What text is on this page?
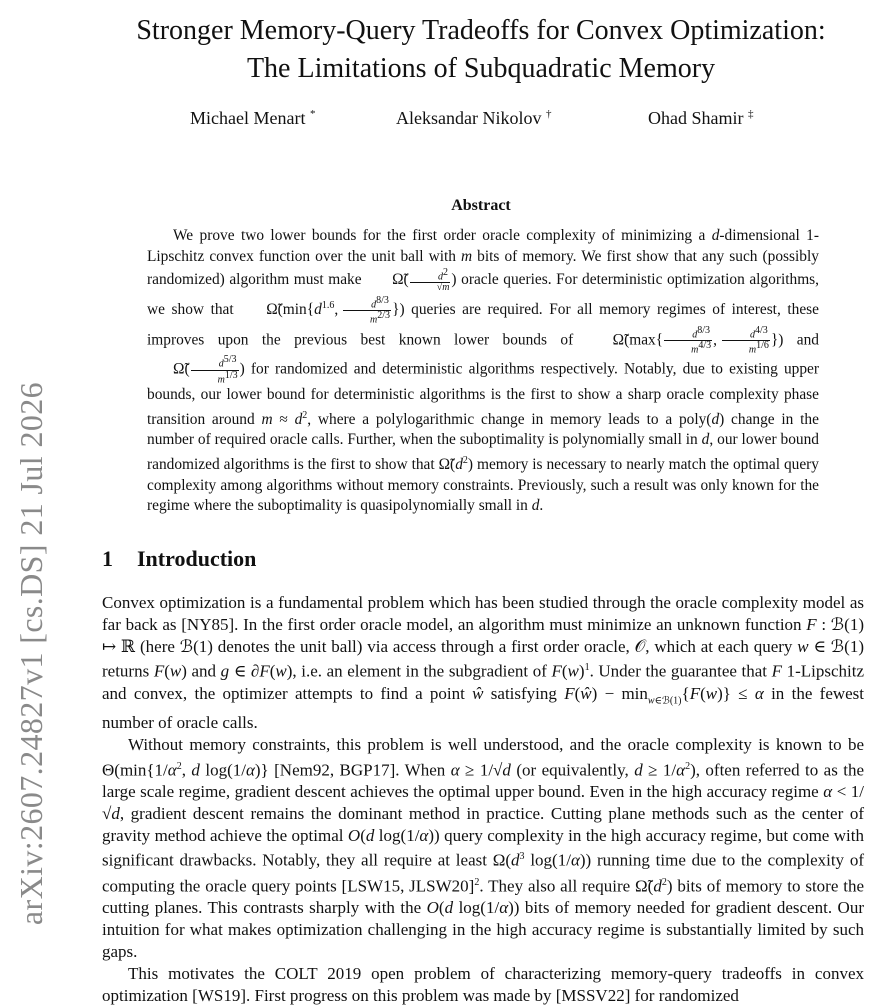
arXiv:2607.24827v1 [cs.DS] 21 Jul 2026
Stronger Memory-Query Tradeoffs for Convex Optimization:
The Limitations of Subquadratic Memory
Michael Menart *	Aleksandar Nikolov †	Ohad Shamir ‡
Abstract

We prove two lower bounds for the first order oracle complexity of minimizing a d-dimensional 1-Lipschitz convex function over the unit ball with m bits of memory. We first show that any such (possibly randomized) algorithm must make Ω̃( $\frac{d^2}{√m}$ ) oracle queries. For deterministic optimization algorithms, we show that $\Omegã(\min\{d^{1.6}$, $\frac{d^{8/3}}{m^{2/3}}$ }) queries are required. For all memory regimes of interest, these improves upon the previous best known lower bounds of Ω̃(max{ $\frac{d^{8/3}}{m^{4/3}}$ , $\frac{d^{4/3}}{m^{1/6}}$ }) and Ω̃( $\frac{d^{5/3}}{m^{1/3}}$ ) for randomized and deterministic algorithms respectively. Notably, due to existing upper bounds, our lower bound for deterministic algorithms is the first to show a sharp oracle complexity phase transition around $m \approx d^2$, where a polylogarithmic change in memory leads to a poly(d) change in the number of required oracle calls. Further, when the suboptimality is polynomially small in d, our lower bound randomized algorithms is the first to show that $\Omegã(d^2)$ memory is necessary to nearly match the optimal query complexity among algorithms without memory constraints. Previously, such a result was only known for the regime where the suboptimality is quasipolynomially small in d.

1 Introduction

Convex optimization is a fundamental problem which has been studied through the oracle complexity model as far back as [NY85]. In the first order oracle model, an algorithm must minimize an unknown function F : ℬ(1) ↦ ℝ (here ℬ(1) denotes the unit ball) via access through a first order oracle, 𝒪, which at each query w ∈ ℬ(1) returns F(w) and g ∈ ∂F(w), i.e. an element in the subgradient of $F(w)^1$. Under the guarantee that F 1-Lipschitz and convex, the optimizer attempts to find a point ŵ satisfying F(ŵ) − $\min_{w\in ℬ(1)}\{F(w)\} \le \alpha$ in the fewest number of oracle calls.

Without memory constraints, this problem is well understood, and the oracle complexity is known to be $\Theta(\min\{1/\alpha^2$, d log(1/α)} [Nem92, BGP17]. When α ≥ 1/√d (or equivalently, $d \ge 1/\alpha^2$), often referred to as the large scale regime, gradient descent achieves the optimal upper bound. Even in the high accuracy regime α < 1/√d, gradient descent remains the dominant method in practice. Cutting plane methods such as the center of gravity method achieve the optimal O(d log(1/α)) query complexity in the high accuracy regime, but come with significant drawbacks. Notably, they all require at least $\Omega(d^3$ log(1/α)) running time due to the complexity of computing the oracle query points [LSW15, JLSW20]$^2$. They also all require $\Omegã(d^2)$ bits of memory to store the cutting planes. This contrasts sharply with the O(d log(1/α)) bits of memory needed for gradient descent. Our intuition for what makes optimization challenging in the high accuracy regime is substantially limited by such gaps.

This motivates the COLT 2019 open problem of characterizing memory-query tradeoffs in convex optimization [WS19]. First progress on this problem was made by [MSSV22] for randomized
